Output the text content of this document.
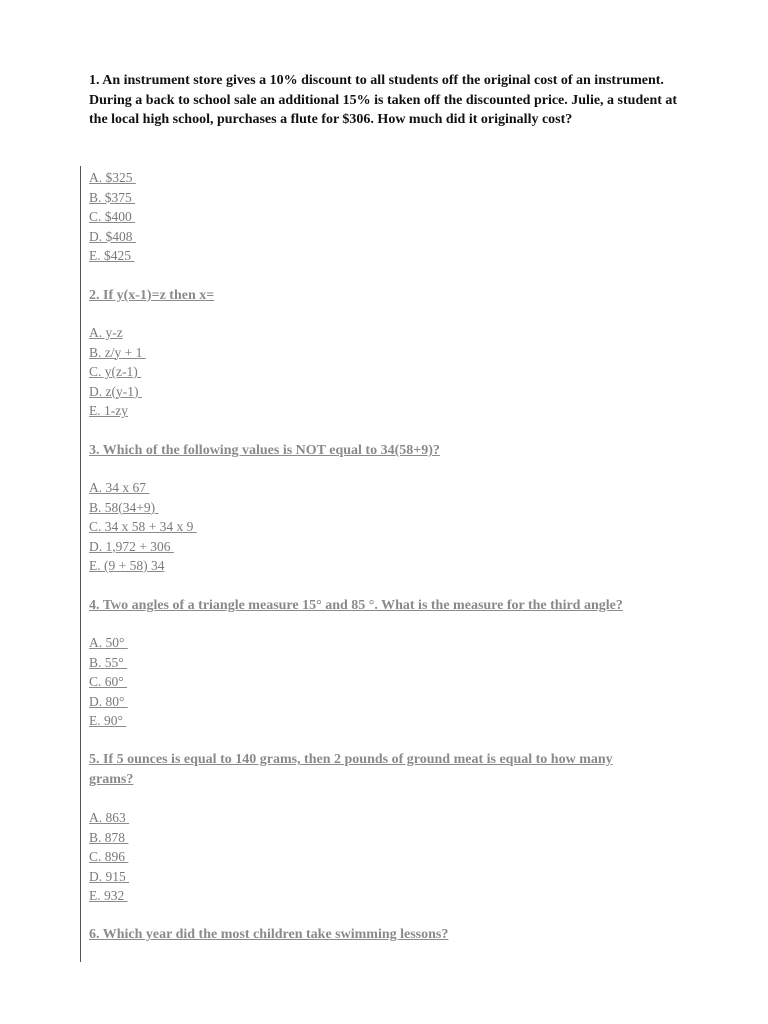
1. An instrument store gives a 10% discount to all students off the original cost of an instrument. During a back to school sale an additional 15% is taken off the discounted price. Julie, a student at the local high school, purchases a flute for $306. How much did it originally cost?
A. $325
B. $375
C. $400
D. $408
E. $425
2. If y(x-1)=z then x=
A. y-z
B. z/y + 1
C. y(z-1)
D. z(y-1)
E. 1-zy
3. Which of the following values is NOT equal to 34(58+9)?
A. 34 x 67
B. 58(34+9)
C. 34 x 58 + 34 x 9
D. 1,972 + 306
E. (9 + 58) 34
4. Two angles of a triangle measure 15° and 85 °. What is the measure for the third angle?
A. 50°
B. 55°
C. 60°
D. 80°
E. 90°
5. If 5 ounces is equal to 140 grams, then 2 pounds of ground meat is equal to how many grams?
A. 863
B. 878
C. 896
D. 915
E. 932
6. Which year did the most children take swimming lessons?
